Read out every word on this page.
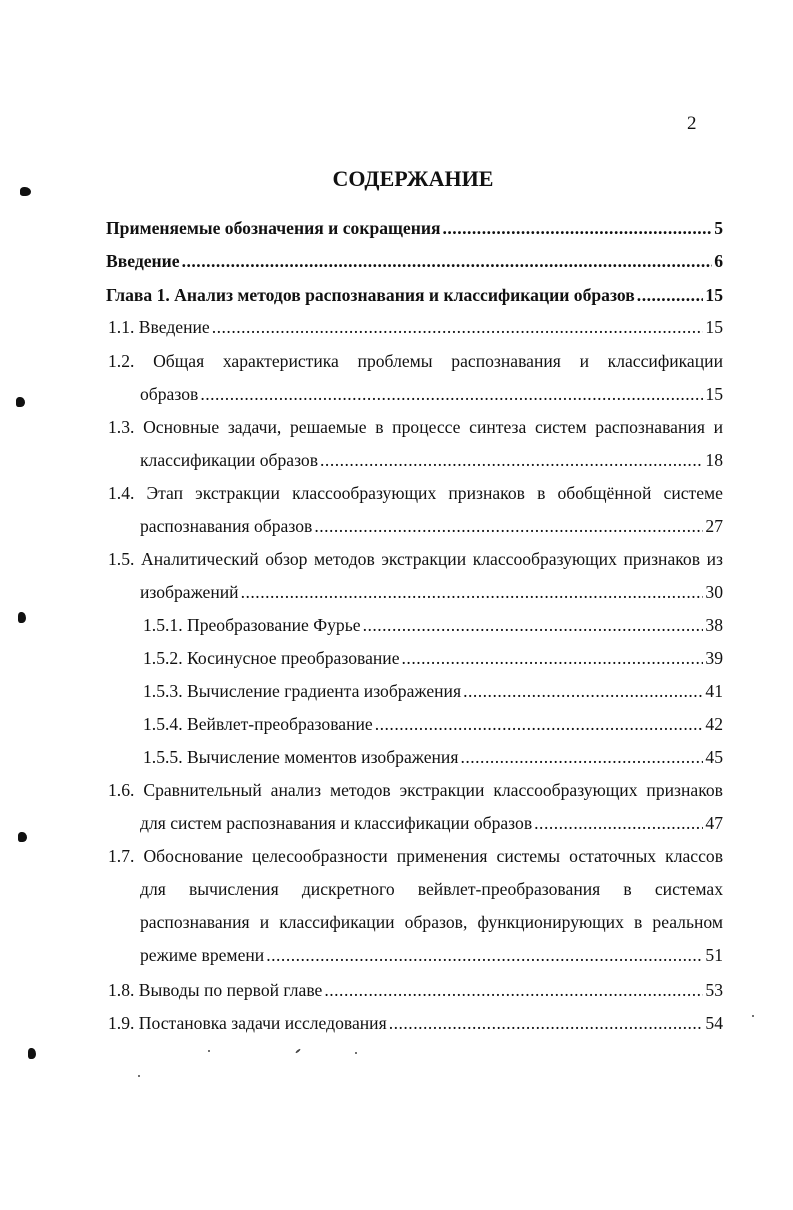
2
СОДЕРЖАНИЕ
Применяемые обозначения и сокращения .....	5
Введение .....	6
Глава 1. Анализ методов распознавания и классификации образов .....	15
1.1. Введение .....	15
1.2. Общая характеристика проблемы распознавания и классификации
образов .....	15
1.3. Основные задачи, решаемые в процессе синтеза систем распознавания и
классификации образов .....	18
1.4. Этап экстракции классообразующих признаков в обобщённой системе
распознавания образов .....	27
1.5. Аналитический обзор методов экстракции классообразующих признаков из
изображений .....	30
1.5.1. Преобразование Фурье .....	38
1.5.2. Косинусное преобразование .....	39
1.5.3. Вычисление градиента изображения .....	41
1.5.4. Вейвлет-преобразование .....	42
1.5.5. Вычисление моментов изображения .....	45
1.6. Сравнительный анализ методов экстракции классообразующих признаков
для систем распознавания и классификации образов .....	47
1.7. Обоснование целесообразности применения системы остаточных классов
для вычисления дискретного вейвлет-преобразования в системах
распознавания и классификации образов, функционирующих в реальном
режиме времени .....	51
1.8. Выводы по первой главе .....	53
1.9. Постановка задачи исследования .....	54
